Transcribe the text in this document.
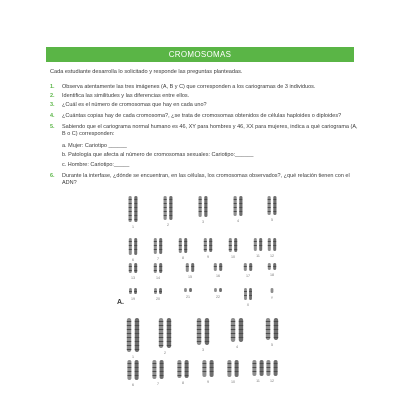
CROMOSOMAS
Cada estudiante desarrolla lo solicitado y responde las preguntas planteadas.
1. Observa atentamente las tres imágenes (A, B y C) que corresponden a los cariogramas de 3 individuos.
2. Identifica las similitudes y las diferencias entre ellos.
3. ¿Cuál es el número de cromosomas que hay en cada uno?
4. ¿Cuántas copias hay de cada cromosoma?, ¿se trata de cromosomas obtenidos de células haploides o diploides?
5. Sabiendo que el cariograma normal humano es 46, XY para hombres y 46, XX para mujeres, indica a qué cariograma (A, B o C) corresponden:
a. Mujer: Cariotipo ______
b. Patología que afecta al número de cromosomas sexuales: Cariotipo:______
c. Hombre: Cariotipo:_____
6. Durante la interfase, ¿dónde se encuentran, en las células, los cromosomas observados?, ¿qué relación tienen con el ADN?
1	2
3	4	5
6	7	8	9	10	11	12
13	14	15	16	17	18
19	20	21	22
X
Y
1
2
3
4	5
6	7	8	9	10	11	12
A.
